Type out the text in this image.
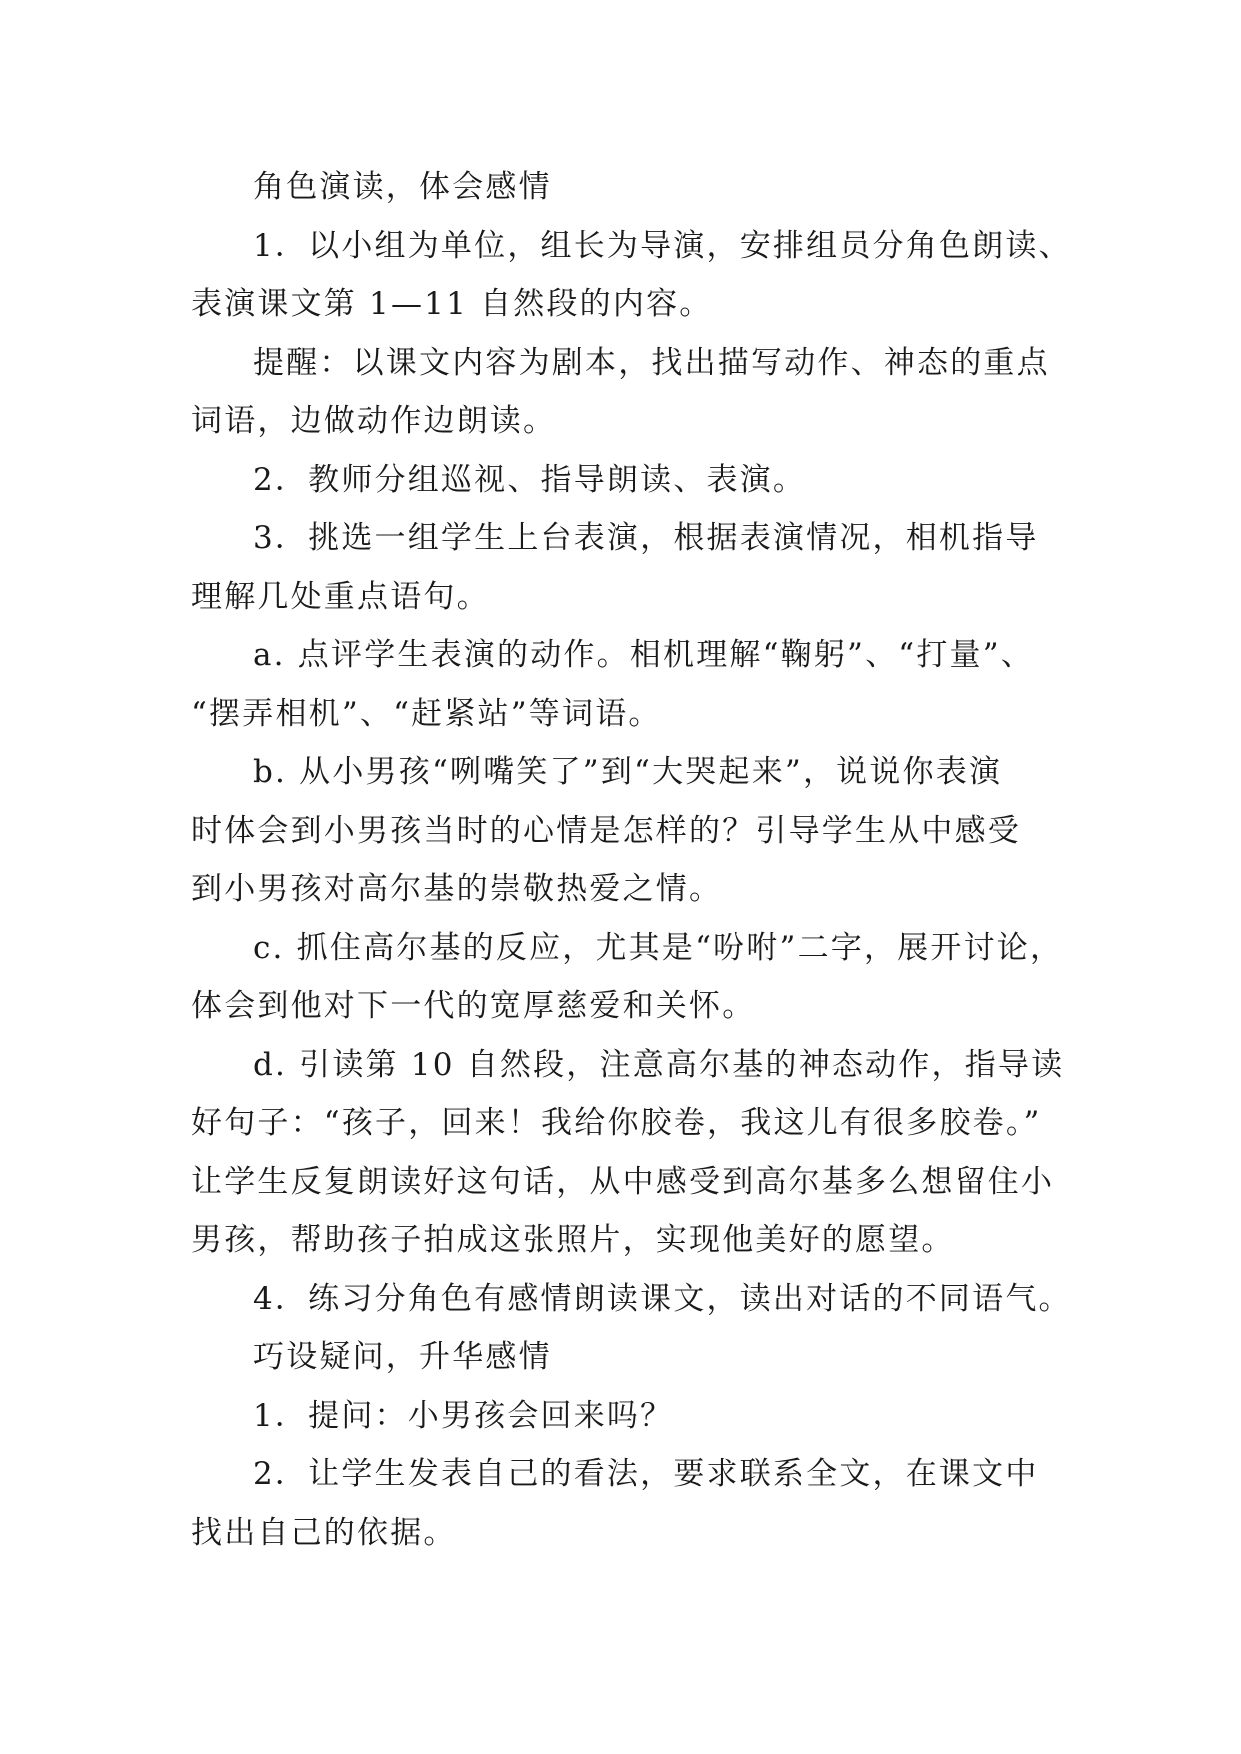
角色演读，体会感情
1．以小组为单位，组长为导演，安排组员分角色朗读、
表演课文第 1—11 自然段的内容。
提醒：以课文内容为剧本，找出描写动作、神态的重点
词语，边做动作边朗读。
2．教师分组巡视、指导朗读、表演。
3．挑选一组学生上台表演，根据表演情况，相机指导
理解几处重点语句。
a. 点评学生表演的动作。相机理解“鞠躬”、“打量”、
“摆弄相机”、“赶紧站”等词语。
b. 从小男孩“咧嘴笑了”到“大哭起来”，说说你表演
时体会到小男孩当时的心情是怎样的？引导学生从中感受
到小男孩对高尔基的崇敬热爱之情。
c. 抓住高尔基的反应，尤其是“吩咐”二字，展开讨论，
体会到他对下一代的宽厚慈爱和关怀。
d. 引读第 10 自然段，注意高尔基的神态动作，指导读
好句子：“孩子，回来！我给你胶卷，我这儿有很多胶卷。”
让学生反复朗读好这句话，从中感受到高尔基多么想留住小
男孩，帮助孩子拍成这张照片，实现他美好的愿望。
4．练习分角色有感情朗读课文，读出对话的不同语气。
巧设疑问，升华感情
1．提问：小男孩会回来吗？
2．让学生发表自己的看法，要求联系全文，在课文中
找出自己的依据。
